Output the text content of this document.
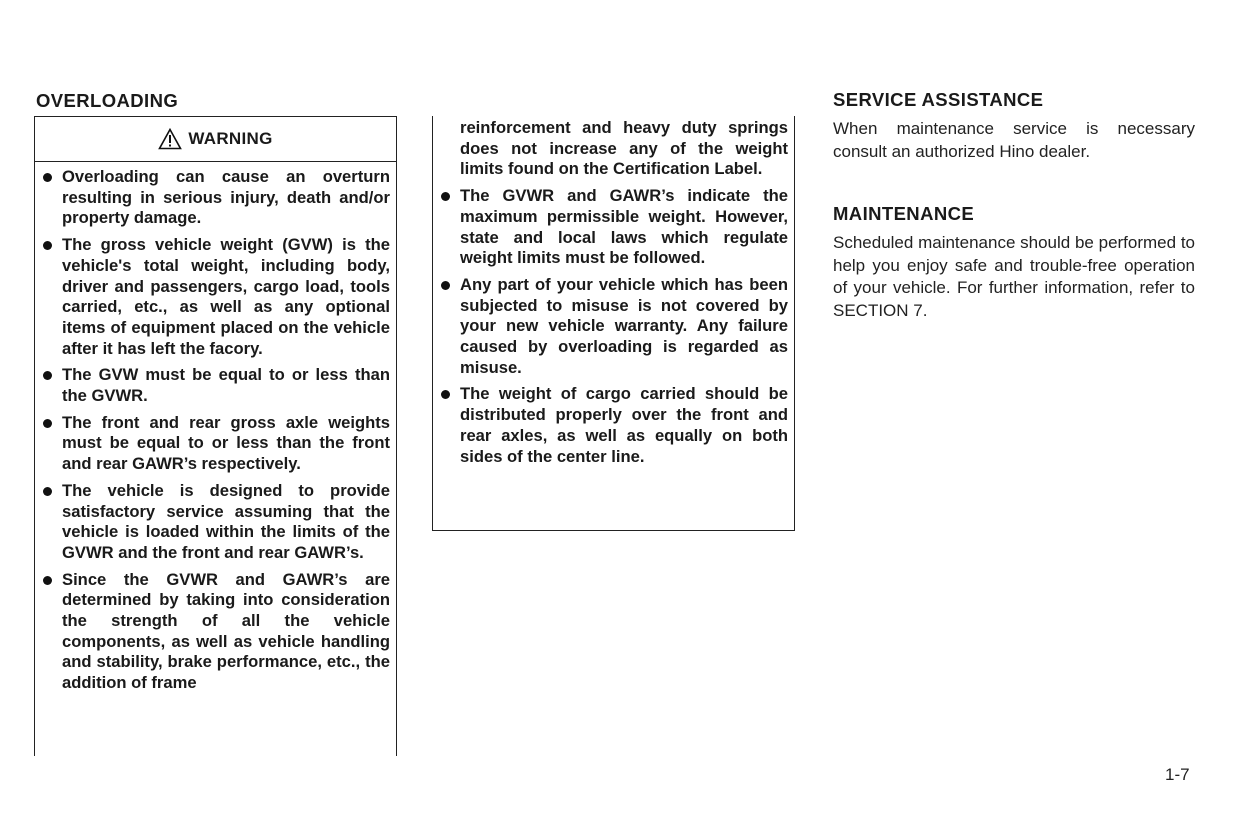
OVERLOADING
WARNING
Overloading can cause an overturn resulting in serious injury, death and/or property damage.
The gross vehicle weight (GVW) is the vehicle's total weight, including body, driver and passengers, cargo load, tools carried, etc., as well as any optional items of equipment placed on the vehicle after it has left the facory.
The GVW must be equal to or less than the GVWR.
The front and rear gross axle weights must be equal to or less than the front and rear GAWR’s respectively.
The vehicle is designed to provide satisfactory service assuming that the vehicle is loaded within the limits of the GVWR and the front and rear GAWR’s.
Since the GVWR and GAWR’s are determined by taking into consideration the strength of all the vehicle components, as well as vehicle handling and stability, brake performance, etc., the addition of frame

reinforcement and heavy duty springs does not increase any of the weight limits found on the Certification Label.

The GVWR and GAWR’s indicate the maximum permissible weight. However, state and local laws which regulate weight limits must be followed.
Any part of your vehicle which has been subjected to misuse is not covered by your new vehicle warranty. Any failure caused by overloading is regarded as misuse.
The weight of cargo carried should be distributed properly over the front and rear axles, as well as equally on both sides of the center line.
SERVICE ASSISTANCE

When maintenance service is necessary consult an authorized Hino dealer.

MAINTENANCE

Scheduled maintenance should be performed to help you enjoy safe and trouble-free operation of your vehicle. For further information, refer to SECTION 7.

1-7
